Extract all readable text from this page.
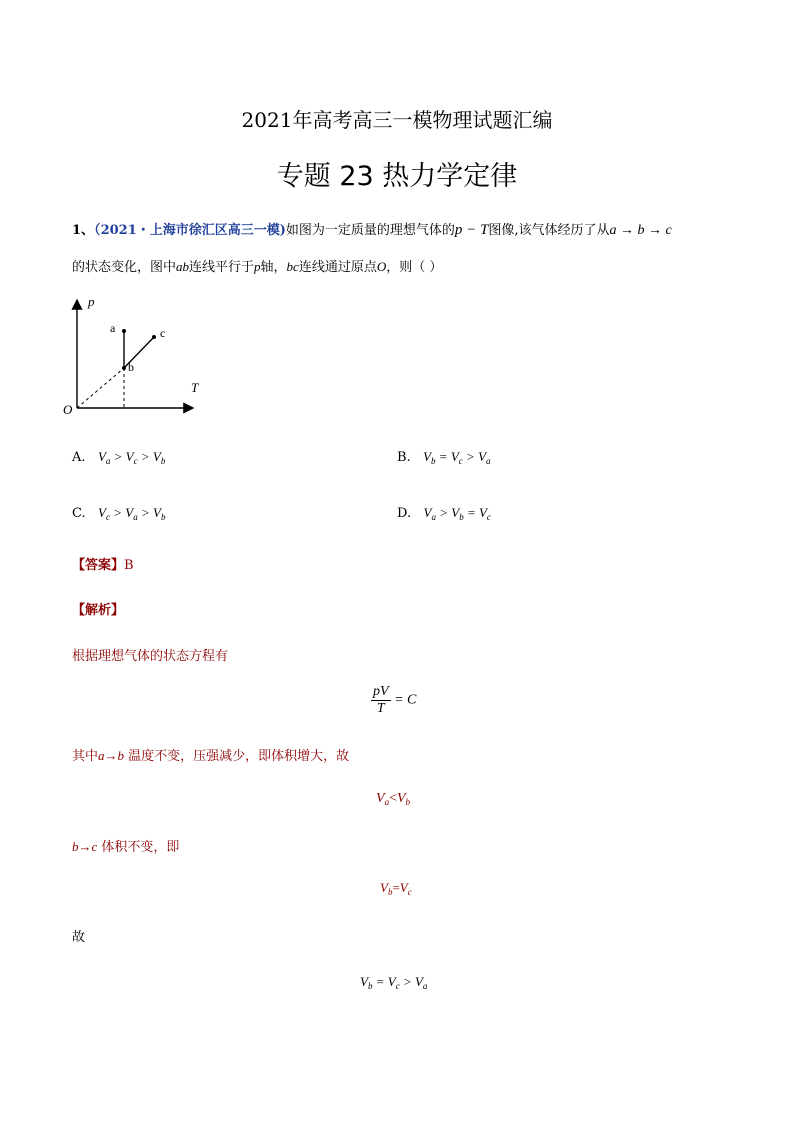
2021年高考高三一模物理试题汇编
专题 23 热力学定律
1、（2021・上海市徐汇区高三一模)如图为一定质量的理想气体的p − T图像,该气体经历了从a → b → c
的状态变化，图中ab连线平行于p轴，bc连线通过原点O，则（ ）
p
T
O
a
b
c
A. $V_a > V_c > V_b$	B. $V_b = V_c > V_a$
C. $V_c > V_a > V_b$	D. $V_a > V_b = V_c$
【答案】B
【解析】
根据理想气体的状态方程有
$\frac{pV}{T} = C$
其中a→b 温度不变，压强减少，即体积增大，故
$V_a<V_b$
b→c 体积不变，即
$V_b=V_c$
故
$V_b = V_c > V_a$
